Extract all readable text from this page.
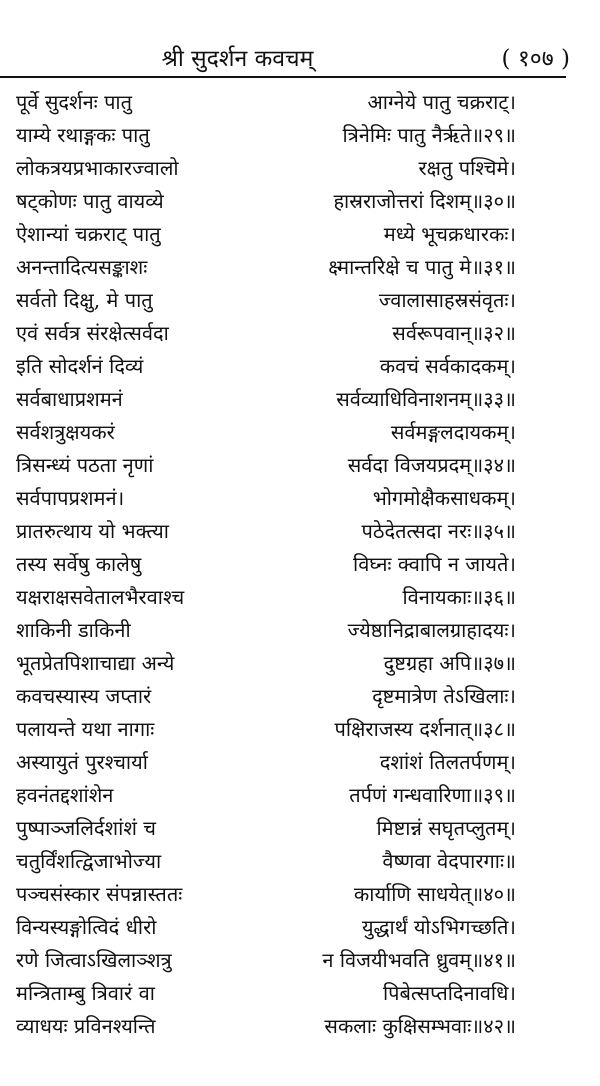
श्री सुदर्शन कवचम्	( १०७ )
पूर्वे सुदर्शनः पातु	आग्नेये पातु चक्रराट्।
याम्ये रथाङ्गकः पातु	त्रिनेमिः पातु नैर्ऋते॥२९॥
लोकत्रयप्रभाकारज्वालो	रक्षतु पश्चिमे।
षट्कोणः पातु वायव्ये	हास्रराजोत्तरां दिशम्॥३०॥
ऐशान्यां चक्रराट् पातु	मध्ये भूचक्रधारकः।
अनन्तादित्यसङ्काशः	क्ष्मान्तरिक्षे च पातु मे॥३१॥
सर्वतो दिक्षु, मे पातु	ज्वालासाहस्रसंवृतः।
एवं सर्वत्र संरक्षेत्सर्वदा	सर्वरूपवान्॥३२॥
इति सोदर्शनं दिव्यं	कवचं सर्वकादकम्।
सर्वबाधाप्रशमनं	सर्वव्याधिविनाशनम्॥३३॥
सर्वशत्रुक्षयकरं	सर्वमङ्गलदायकम्।
त्रिसन्ध्यं पठता नृणां	सर्वदा विजयप्रदम्॥३४॥
सर्वपापप्रशमनं।	भोगमोक्षैकसाधकम्।
प्रातरुत्थाय यो भक्त्या	पठेदेतत्सदा नरः॥३५॥
तस्य सर्वेषु कालेषु	विघ्नः क्वापि न जायते।
यक्षराक्षसवेतालभैरवाश्च	विनायकाः॥३६॥
शाकिनी डाकिनी	ज्येष्ठानिद्राबालग्राहादयः।
भूतप्रेतपिशाचाद्या अन्ये	दुष्टग्रहा अपि॥३७॥
कवचस्यास्य जप्तारं	दृष्टमात्रेण तेऽखिलाः।
पलायन्ते यथा नागाः	पक्षिराजस्य दर्शनात्॥३८॥
अस्यायुतं पुरश्चार्या	दशांशं तिलतर्पणम्।
हवनंतद्दशांशेन	तर्पणं गन्धवारिणा॥३९॥
पुष्पाञ्जलिर्दशांशं च	मिष्टान्नं सघृतप्लुतम्।
चतुर्विंशत्द्विजाभोज्या	वैष्णवा वेदपारगाः॥
पञ्चसंस्कार संपन्नास्ततः	कार्याणि साधयेत्॥४०॥
विन्यस्यङ्गोत्विदं धीरो	युद्धार्थं योऽभिगच्छति।
रणे जित्वाऽखिलाञ्शत्रु	न विजयीभवति ध्रुवम्॥४१॥
मन्त्रिताम्बु त्रिवारं वा	पिबेत्सप्तदिनावधि।
व्याधयः प्रविनश्यन्ति	सकलाः कुक्षिसम्भवाः॥४२॥
